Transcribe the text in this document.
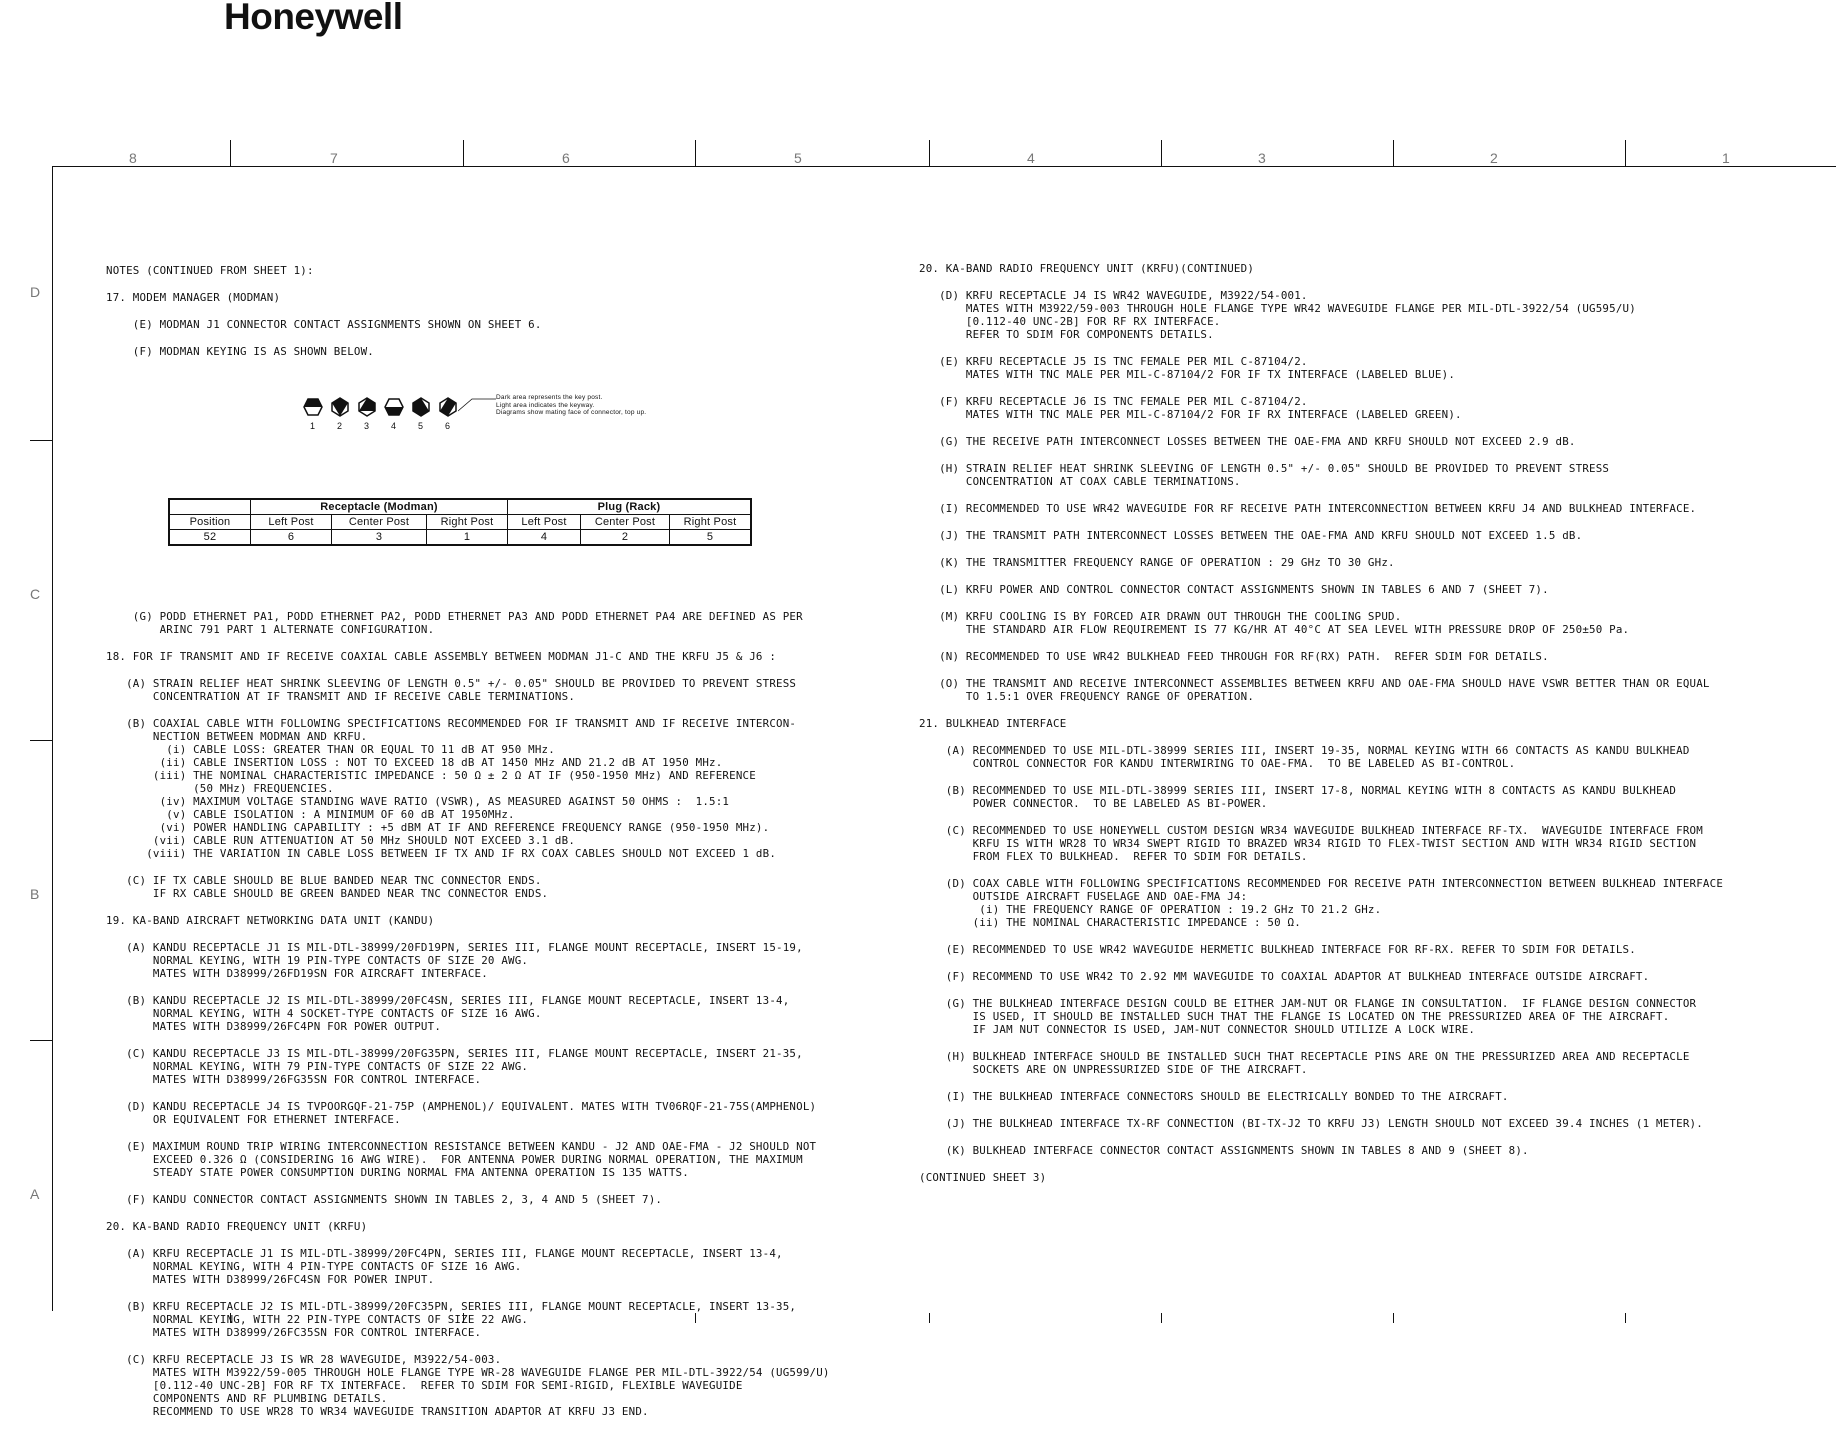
Honeywell
8	7	6	5	4	3	2	1
D
C
B
A

NOTES (CONTINUED FROM SHEET 1):
17. MODEM MANAGER (MODMAN)
(E) MODMAN J1 CONNECTOR CONTACT ASSIGNMENTS SHOWN ON SHEET 6.
(F) MODMAN KEYING IS AS SHOWN BELOW.

Dark area represents the key post.
Light area indicates the keyway.
Diagrams show mating face of connector, top up.

1

2

3

4

5

6

	Receptacle (Modman)			Plug (Rack)		
Position	Left Post	Center Post	Right Post	Left Post	Center Post	Right Post
52	6	3	1	4	2	5

(G) PODD ETHERNET PA1, PODD ETHERNET PA2, PODD ETHERNET PA3 AND PODD ETHERNET PA4 ARE DEFINED AS PER
ARINC 791 PART 1 ALTERNATE CONFIGURATION.
18. FOR IF TRANSMIT AND IF RECEIVE COAXIAL CABLE ASSEMBLY BETWEEN MODMAN J1-C AND THE KRFU J5 & J6 :
(A) STRAIN RELIEF HEAT SHRINK SLEEVING OF LENGTH 0.5" +/- 0.05" SHOULD BE PROVIDED TO PREVENT STRESS
CONCENTRATION AT IF TRANSMIT AND IF RECEIVE CABLE TERMINATIONS.
(B) COAXIAL CABLE WITH FOLLOWING SPECIFICATIONS RECOMMENDED FOR IF TRANSMIT AND IF RECEIVE INTERCON-
NECTION BETWEEN MODMAN AND KRFU.
(i) CABLE LOSS: GREATER THAN OR EQUAL TO 11 dB AT 950 MHz.
(ii) CABLE INSERTION LOSS : NOT TO EXCEED 18 dB AT 1450 MHz AND 21.2 dB AT 1950 MHz.
(iii) THE NOMINAL CHARACTERISTIC IMPEDANCE : 50 Ω ± 2 Ω AT IF (950-1950 MHz) AND REFERENCE
(50 MHz) FREQUENCIES.
(iv) MAXIMUM VOLTAGE STANDING WAVE RATIO (VSWR), AS MEASURED AGAINST 50 OHMS :  1.5:1
(v) CABLE ISOLATION : A MINIMUM OF 60 dB AT 1950MHz.
(vi) POWER HANDLING CAPABILITY : +5 dBM AT IF AND REFERENCE FREQUENCY RANGE (950-1950 MHz).
(vii) CABLE RUN ATTENUATION AT 50 MHz SHOULD NOT EXCEED 3.1 dB.
(viii) THE VARIATION IN CABLE LOSS BETWEEN IF TX AND IF RX COAX CABLES SHOULD NOT EXCEED 1 dB.
(C) IF TX CABLE SHOULD BE BLUE BANDED NEAR TNC CONNECTOR ENDS.
IF RX CABLE SHOULD BE GREEN BANDED NEAR TNC CONNECTOR ENDS.
19. KA-BAND AIRCRAFT NETWORKING DATA UNIT (KANDU)
(A) KANDU RECEPTACLE J1 IS MIL-DTL-38999/20FD19PN, SERIES III, FLANGE MOUNT RECEPTACLE, INSERT 15-19,
NORMAL KEYING, WITH 19 PIN-TYPE CONTACTS OF SIZE 20 AWG.
MATES WITH D38999/26FD19SN FOR AIRCRAFT INTERFACE.
(B) KANDU RECEPTACLE J2 IS MIL-DTL-38999/20FC4SN, SERIES III, FLANGE MOUNT RECEPTACLE, INSERT 13-4,
NORMAL KEYING, WITH 4 SOCKET-TYPE CONTACTS OF SIZE 16 AWG.
MATES WITH D38999/26FC4PN FOR POWER OUTPUT.
(C) KANDU RECEPTACLE J3 IS MIL-DTL-38999/20FG35PN, SERIES III, FLANGE MOUNT RECEPTACLE, INSERT 21-35,
NORMAL KEYING, WITH 79 PIN-TYPE CONTACTS OF SIZE 22 AWG.
MATES WITH D38999/26FG35SN FOR CONTROL INTERFACE.
(D) KANDU RECEPTACLE J4 IS TVPOORGQF-21-75P (AMPHENOL)/ EQUIVALENT. MATES WITH TV06RQF-21-75S(AMPHENOL)
OR EQUIVALENT FOR ETHERNET INTERFACE.
(E) MAXIMUM ROUND TRIP WIRING INTERCONNECTION RESISTANCE BETWEEN KANDU - J2 AND OAE-FMA - J2 SHOULD NOT
EXCEED 0.326 Ω (CONSIDERING 16 AWG WIRE).  FOR ANTENNA POWER DURING NORMAL OPERATION, THE MAXIMUM
STEADY STATE POWER CONSUMPTION DURING NORMAL FMA ANTENNA OPERATION IS 135 WATTS.
(F) KANDU CONNECTOR CONTACT ASSIGNMENTS SHOWN IN TABLES 2, 3, 4 AND 5 (SHEET 7).
20. KA-BAND RADIO FREQUENCY UNIT (KRFU)
(A) KRFU RECEPTACLE J1 IS MIL-DTL-38999/20FC4PN, SERIES III, FLANGE MOUNT RECEPTACLE, INSERT 13-4,
NORMAL KEYING, WITH 4 PIN-TYPE CONTACTS OF SIZE 16 AWG.
MATES WITH D38999/26FC4SN FOR POWER INPUT.
(B) KRFU RECEPTACLE J2 IS MIL-DTL-38999/20FC35PN, SERIES III, FLANGE MOUNT RECEPTACLE, INSERT 13-35,
NORMAL KEYING, WITH 22 PIN-TYPE CONTACTS OF SIZE 22 AWG.
MATES WITH D38999/26FC35SN FOR CONTROL INTERFACE.
(C) KRFU RECEPTACLE J3 IS WR 28 WAVEGUIDE, M3922/54-003.
MATES WITH M3922/59-005 THROUGH HOLE FLANGE TYPE WR-28 WAVEGUIDE FLANGE PER MIL-DTL-3922/54 (UG599/U)
[0.112-40 UNC-2B] FOR RF TX INTERFACE.  REFER TO SDIM FOR SEMI-RIGID, FLEXIBLE WAVEGUIDE
COMPONENTS AND RF PLUMBING DETAILS.
RECOMMEND TO USE WR28 TO WR34 WAVEGUIDE TRANSITION ADAPTOR AT KRFU J3 END.

20. KA-BAND RADIO FREQUENCY UNIT (KRFU)(CONTINUED)
(D) KRFU RECEPTACLE J4 IS WR42 WAVEGUIDE, M3922/54-001.
MATES WITH M3922/59-003 THROUGH HOLE FLANGE TYPE WR42 WAVEGUIDE FLANGE PER MIL-DTL-3922/54 (UG595/U)
[0.112-40 UNC-2B] FOR RF RX INTERFACE.
REFER TO SDIM FOR COMPONENTS DETAILS.
(E) KRFU RECEPTACLE J5 IS TNC FEMALE PER MIL C-87104/2.
MATES WITH TNC MALE PER MIL-C-87104/2 FOR IF TX INTERFACE (LABELED BLUE).
(F) KRFU RECEPTACLE J6 IS TNC FEMALE PER MIL C-87104/2.
MATES WITH TNC MALE PER MIL-C-87104/2 FOR IF RX INTERFACE (LABELED GREEN).
(G) THE RECEIVE PATH INTERCONNECT LOSSES BETWEEN THE OAE-FMA AND KRFU SHOULD NOT EXCEED 2.9 dB.
(H) STRAIN RELIEF HEAT SHRINK SLEEVING OF LENGTH 0.5" +/- 0.05" SHOULD BE PROVIDED TO PREVENT STRESS
CONCENTRATION AT COAX CABLE TERMINATIONS.
(I) RECOMMENDED TO USE WR42 WAVEGUIDE FOR RF RECEIVE PATH INTERCONNECTION BETWEEN KRFU J4 AND BULKHEAD INTERFACE.
(J) THE TRANSMIT PATH INTERCONNECT LOSSES BETWEEN THE OAE-FMA AND KRFU SHOULD NOT EXCEED 1.5 dB.
(K) THE TRANSMITTER FREQUENCY RANGE OF OPERATION : 29 GHz TO 30 GHz.
(L) KRFU POWER AND CONTROL CONNECTOR CONTACT ASSIGNMENTS SHOWN IN TABLES 6 AND 7 (SHEET 7).
(M) KRFU COOLING IS BY FORCED AIR DRAWN OUT THROUGH THE COOLING SPUD.
THE STANDARD AIR FLOW REQUIREMENT IS 77 KG/HR AT 40°C AT SEA LEVEL WITH PRESSURE DROP OF 250±50 Pa.
(N) RECOMMENDED TO USE WR42 BULKHEAD FEED THROUGH FOR RF(RX) PATH.  REFER SDIM FOR DETAILS.
(O) THE TRANSMIT AND RECEIVE INTERCONNECT ASSEMBLIES BETWEEN KRFU AND OAE-FMA SHOULD HAVE VSWR BETTER THAN OR EQUAL
TO 1.5:1 OVER FREQUENCY RANGE OF OPERATION.
21. BULKHEAD INTERFACE
(A) RECOMMENDED TO USE MIL-DTL-38999 SERIES III, INSERT 19-35, NORMAL KEYING WITH 66 CONTACTS AS KANDU BULKHEAD
CONTROL CONNECTOR FOR KANDU INTERWIRING TO OAE-FMA.  TO BE LABELED AS BI-CONTROL.
(B) RECOMMENDED TO USE MIL-DTL-38999 SERIES III, INSERT 17-8, NORMAL KEYING WITH 8 CONTACTS AS KANDU BULKHEAD
POWER CONNECTOR.  TO BE LABELED AS BI-POWER.
(C) RECOMMENDED TO USE HONEYWELL CUSTOM DESIGN WR34 WAVEGUIDE BULKHEAD INTERFACE RF-TX.  WAVEGUIDE INTERFACE FROM
KRFU IS WITH WR28 TO WR34 SWEPT RIGID TO BRAZED WR34 RIGID TO FLEX-TWIST SECTION AND WITH WR34 RIGID SECTION
FROM FLEX TO BULKHEAD.  REFER TO SDIM FOR DETAILS.
(D) COAX CABLE WITH FOLLOWING SPECIFICATIONS RECOMMENDED FOR RECEIVE PATH INTERCONNECTION BETWEEN BULKHEAD INTERFACE
OUTSIDE AIRCRAFT FUSELAGE AND OAE-FMA J4:
(i) THE FREQUENCY RANGE OF OPERATION : 19.2 GHz TO 21.2 GHz.
(ii) THE NOMINAL CHARACTERISTIC IMPEDANCE : 50 Ω.
(E) RECOMMENDED TO USE WR42 WAVEGUIDE HERMETIC BULKHEAD INTERFACE FOR RF-RX. REFER TO SDIM FOR DETAILS.
(F) RECOMMEND TO USE WR42 TO 2.92 MM WAVEGUIDE TO COAXIAL ADAPTOR AT BULKHEAD INTERFACE OUTSIDE AIRCRAFT.
(G) THE BULKHEAD INTERFACE DESIGN COULD BE EITHER JAM-NUT OR FLANGE IN CONSULTATION.  IF FLANGE DESIGN CONNECTOR
IS USED, IT SHOULD BE INSTALLED SUCH THAT THE FLANGE IS LOCATED ON THE PRESSURIZED AREA OF THE AIRCRAFT.
IF JAM NUT CONNECTOR IS USED, JAM-NUT CONNECTOR SHOULD UTILIZE A LOCK WIRE.
(H) BULKHEAD INTERFACE SHOULD BE INSTALLED SUCH THAT RECEPTACLE PINS ARE ON THE PRESSURIZED AREA AND RECEPTACLE
SOCKETS ARE ON UNPRESSURIZED SIDE OF THE AIRCRAFT.
(I) THE BULKHEAD INTERFACE CONNECTORS SHOULD BE ELECTRICALLY BONDED TO THE AIRCRAFT.
(J) THE BULKHEAD INTERFACE TX-RF CONNECTION (BI-TX-J2 TO KRFU J3) LENGTH SHOULD NOT EXCEED 39.4 INCHES (1 METER).
(K) BULKHEAD INTERFACE CONNECTOR CONTACT ASSIGNMENTS SHOWN IN TABLES 8 AND 9 (SHEET 8).
(CONTINUED SHEET 3)
